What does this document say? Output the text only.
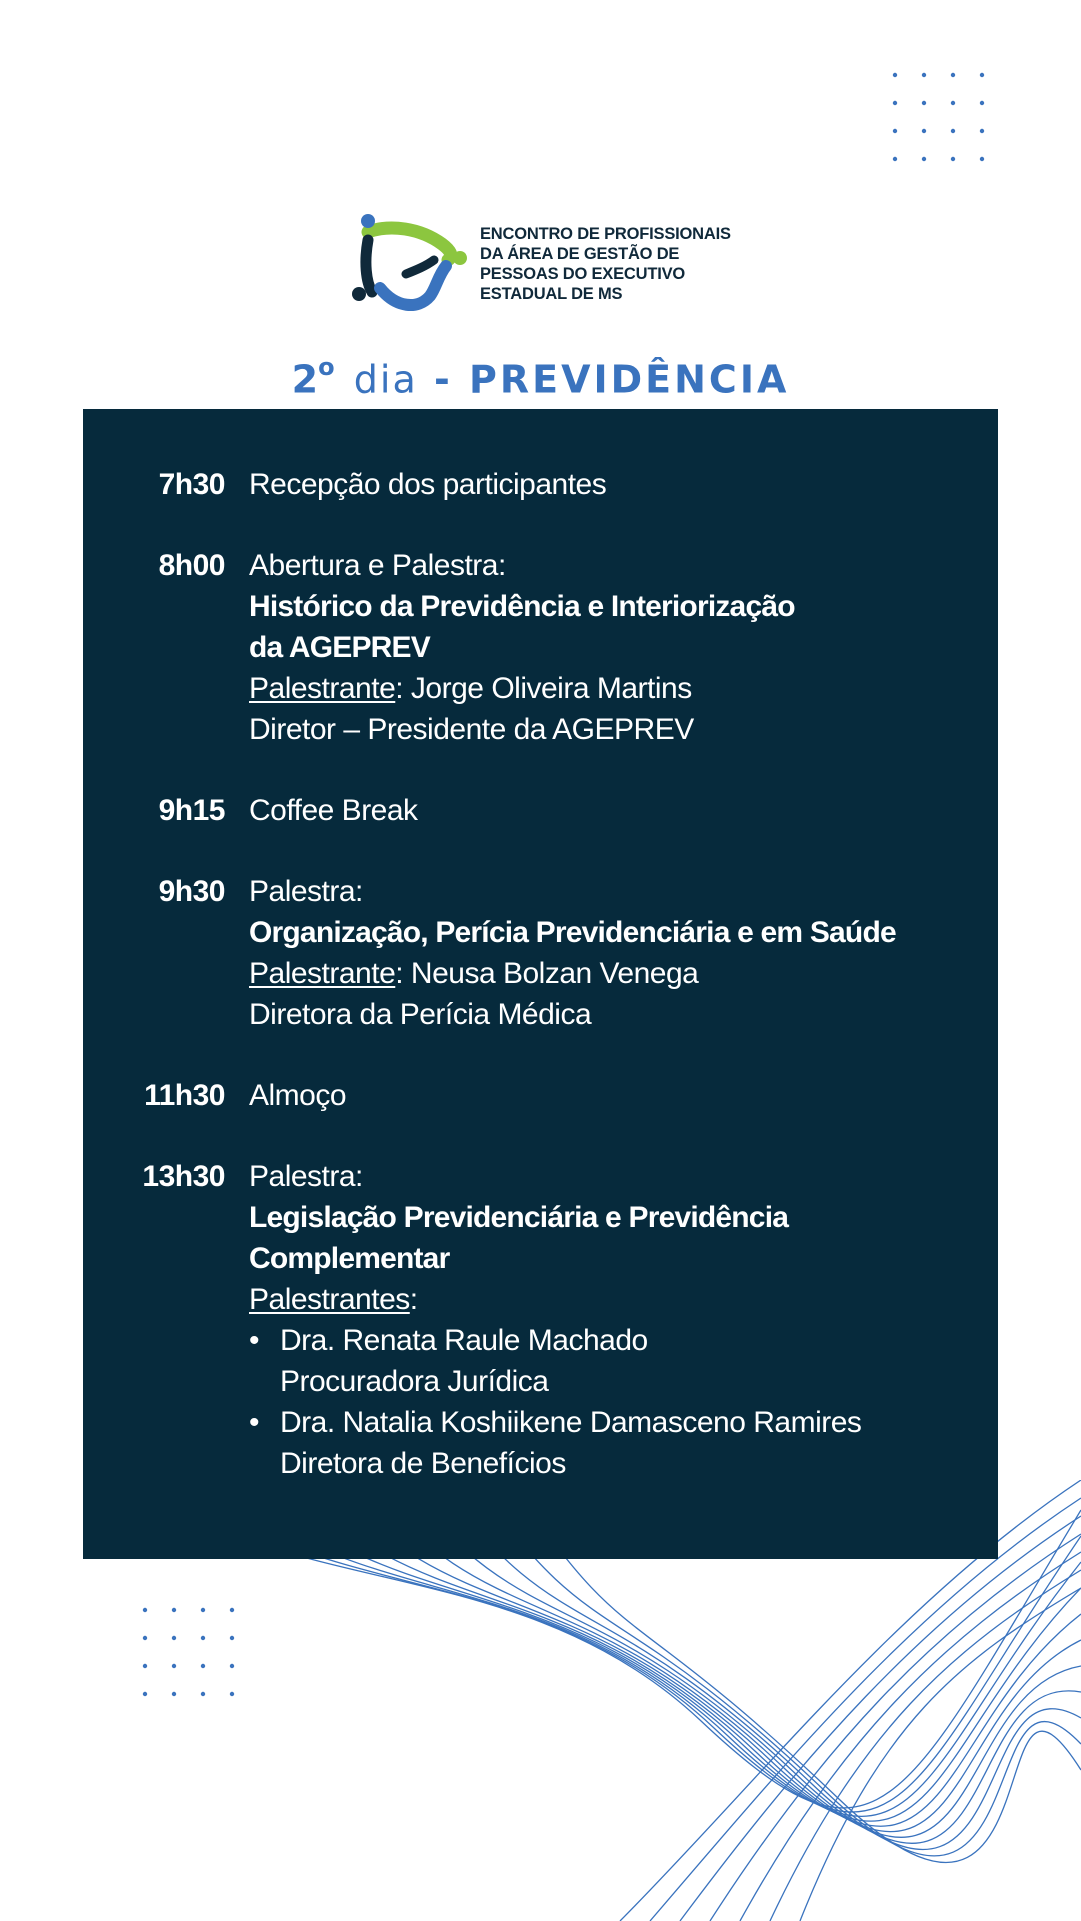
ENCONTRO DE PROFISSIONAIS
DA ÁREA DE GESTÃO DE
PESSOAS DO EXECUTIVO
ESTADUAL DE MS
2$^o$ dia - PREVIDÊNCIA
7h30 Recepção dos participantes
8h00 Abertura e Palestra:
Histórico da Previdência e Interiorização
da AGEPREV
Palestrante: Jorge Oliveira Martins
Diretor – Presidente da AGEPREV
9h15 Coffee Break
9h30 Palestra:
Organização, Perícia Previdenciária e em Saúde
Palestrante: Neusa Bolzan Venega
Diretora da Perícia Médica
11h30 Almoço
13h30 Palestra:
Legislação Previdenciária e Previdência
Complementar
Palestrantes:
• Dra. Renata Raule Machado
Procuradora Jurídica
• Dra. Natalia Koshiikene Damasceno Ramires
Diretora de Benefícios
